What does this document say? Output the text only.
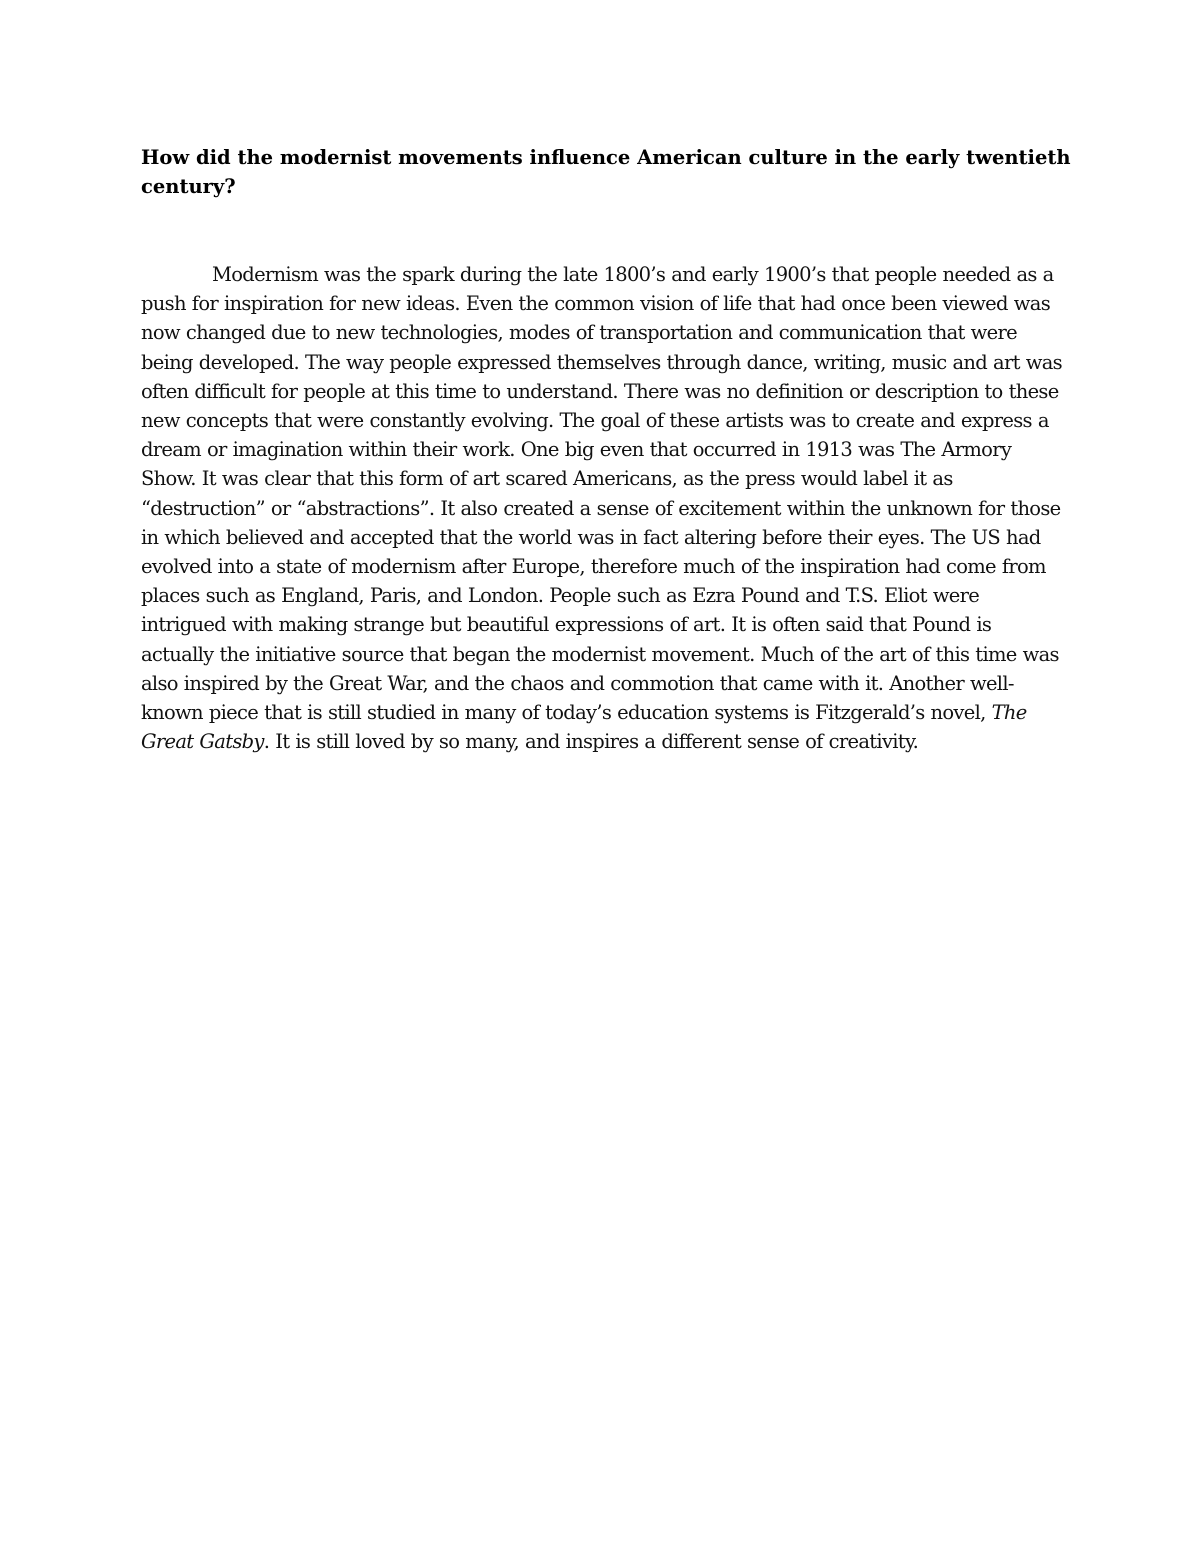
How did the modernist movements influence American culture in the early twentieth century?

Modernism was the spark during the late 1800’s and early 1900’s that people needed as a push for inspiration for new ideas. Even the common vision of life that had once been viewed was now changed due to new technologies, modes of transportation and communication that were being developed. The way people expressed themselves through dance, writing, music and art was often difficult for people at this time to understand. There was no definition or description to these new concepts that were constantly evolving. The goal of these artists was to create and express a dream or imagination within their work. One big even that occurred in 1913 was The Armory Show. It was clear that this form of art scared Americans, as the press would label it as “destruction” or “abstractions”. It also created a sense of excitement within the unknown for those in which believed and accepted that the world was in fact altering before their eyes. The US had evolved into a state of modernism after Europe, therefore much of the inspiration had come from places such as England, Paris, and London. People such as Ezra Pound and T.S. Eliot were intrigued with making strange but beautiful expressions of art. It is often said that Pound is actually the initiative source that began the modernist movement. Much of the art of this time was also inspired by the Great War, and the chaos and commotion that came with it. Another well-known piece that is still studied in many of today’s education systems is Fitzgerald’s novel, The Great Gatsby. It is still loved by so many, and inspires a different sense of creativity.
